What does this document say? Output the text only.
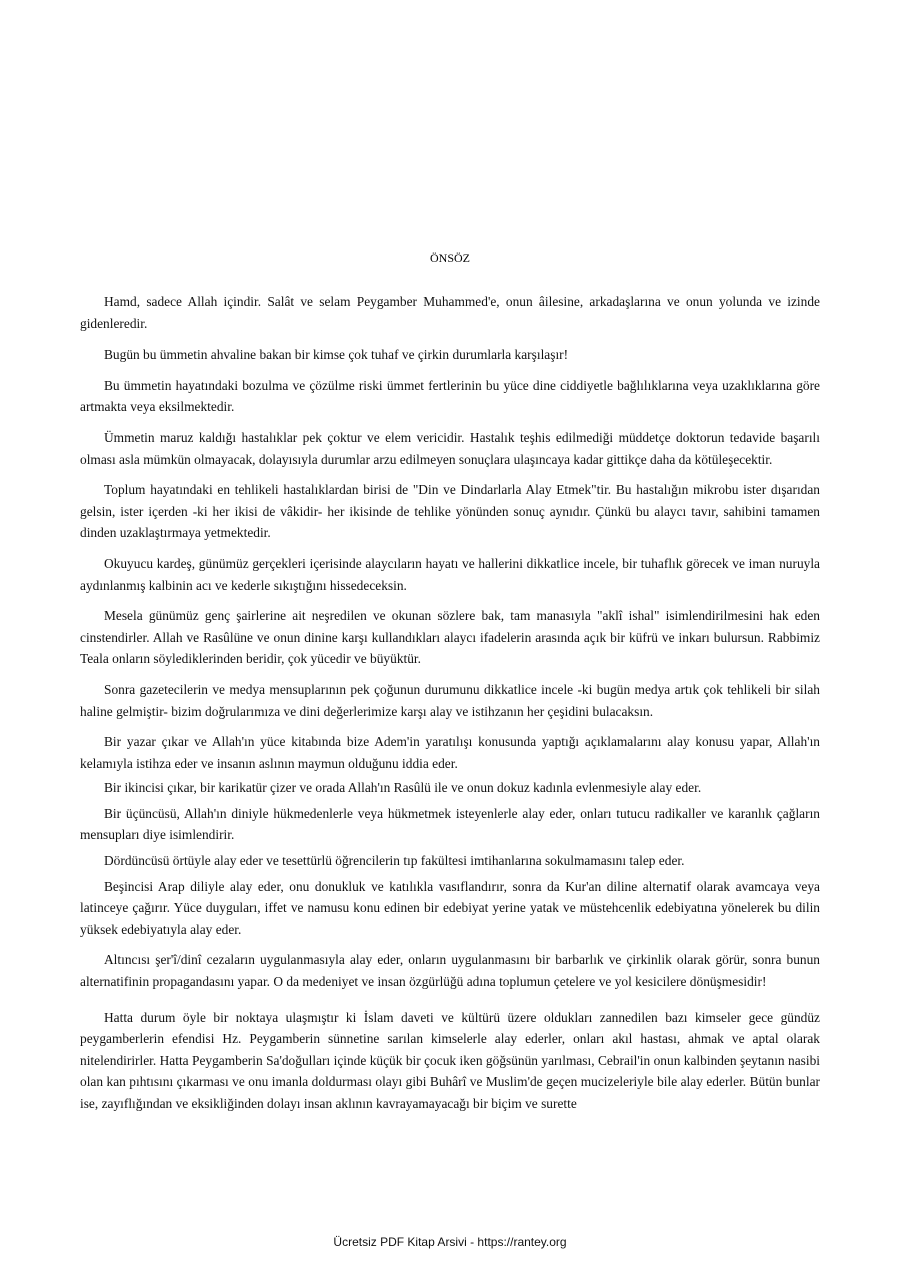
ÖNSÖZ

Hamd, sadece Allah içindir. Salât ve selam Peygamber Muhammed'e, onun âilesine, arkadaşlarına ve onun yolunda ve izinde gidenleredir.

Bugün bu ümmetin ahvaline bakan bir kimse çok tuhaf ve çirkin durumlarla karşılaşır!

Bu ümmetin hayatındaki bozulma ve çözülme riski ümmet fertlerinin bu yüce dine ciddiyetle bağlılıklarına veya uzaklıklarına göre artmakta veya eksilmektedir.

Ümmetin maruz kaldığı hastalıklar pek çoktur ve elem vericidir. Hastalık teşhis edilmediği müddetçe doktorun tedavide başarılı olması asla mümkün olmayacak, dolayısıyla durumlar arzu edilmeyen sonuçlara ulaşıncaya kadar gittikçe daha da kötüleşecektir.

Toplum hayatındaki en tehlikeli hastalıklardan birisi de "Din ve Dindarlarla Alay Etmek"tir. Bu hastalığın mikrobu ister dışarıdan gelsin, ister içerden -ki her ikisi de vâkidir- her ikisinde de tehlike yönünden sonuç aynıdır. Çünkü bu alaycı tavır, sahibini tamamen dinden uzaklaştırmaya yetmektedir.

Okuyucu kardeş, günümüz gerçekleri içerisinde alaycıların hayatı ve hallerini dikkatlice incele, bir tuhaflık görecek ve iman nuruyla aydınlanmış kalbinin acı ve kederle sıkıştığını hissedeceksin.

Mesela günümüz genç şairlerine ait neşredilen ve okunan sözlere bak, tam manasıyla "aklî ishal" isimlendirilmesini hak eden cinstendirler. Allah ve Rasûlüne ve onun dinine karşı kullandıkları alaycı ifadelerin arasında açık bir küfrü ve inkarı bulursun. Rabbimiz Teala onların söylediklerinden beridir, çok yücedir ve büyüktür.

Sonra gazetecilerin ve medya mensuplarının pek çoğunun durumunu dikkatlice incele -ki bugün medya artık çok tehlikeli bir silah haline gelmiştir- bizim doğrularımıza ve dini değerlerimize karşı alay ve istihzanın her çeşidini bulacaksın.

Bir yazar çıkar ve Allah'ın yüce kitabında bize Adem'in yaratılışı konusunda yaptığı açıklamalarını alay konusu yapar, Allah'ın kelamıyla istihza eder ve insanın aslının maymun olduğunu iddia eder.

Bir ikincisi çıkar, bir karikatür çizer ve orada Allah'ın Rasûlü ile ve onun dokuz kadınla evlenmesiyle alay eder.

Bir üçüncüsü, Allah'ın diniyle hükmedenlerle veya hükmetmek isteyenlerle alay eder, onları tutucu radikaller ve karanlık çağların mensupları diye isimlendirir.

Dördüncüsü örtüyle alay eder ve tesettürlü öğrencilerin tıp fakültesi imtihanlarına sokulmamasını talep eder.

Beşincisi Arap diliyle alay eder, onu donukluk ve katılıkla vasıflandırır, sonra da Kur'an diline alternatif olarak avamcaya veya latinceye çağırır. Yüce duyguları, iffet ve namusu konu edinen bir edebiyat yerine yatak ve müstehcenlik edebiyatına yönelerek bu dilin yüksek edebiyatıyla alay eder.

Altıncısı şer'î/dinî cezaların uygulanmasıyla alay eder, onların uygulanmasını bir barbarlık ve çirkinlik olarak görür, sonra bunun alternatifinin propagandasını yapar. O da medeniyet ve insan özgürlüğü adına toplumun çetelere ve yol kesicilere dönüşmesidir!

Hatta durum öyle bir noktaya ulaşmıştır ki İslam daveti ve kültürü üzere oldukları zannedilen bazı kimseler gece gündüz peygamberlerin efendisi Hz. Peygamberin sünnetine sarılan kimselerle alay ederler, onları akıl hastası, ahmak ve aptal olarak nitelendirirler. Hatta Peygamberin Sa'doğulları içinde küçük bir çocuk iken göğsünün yarılması, Cebrail'in onun kalbinden şeytanın nasibi olan kan pıhtısını çıkarması ve onu imanla doldurması olayı gibi Buhârî ve Muslim'de geçen mucizeleriyle bile alay ederler. Bütün bunlar ise, zayıflığından ve eksikliğinden dolayı insan aklının kavrayamayacağı bir biçim ve surette

Ücretsiz PDF Kitap Arsivi - https://rantey.org
